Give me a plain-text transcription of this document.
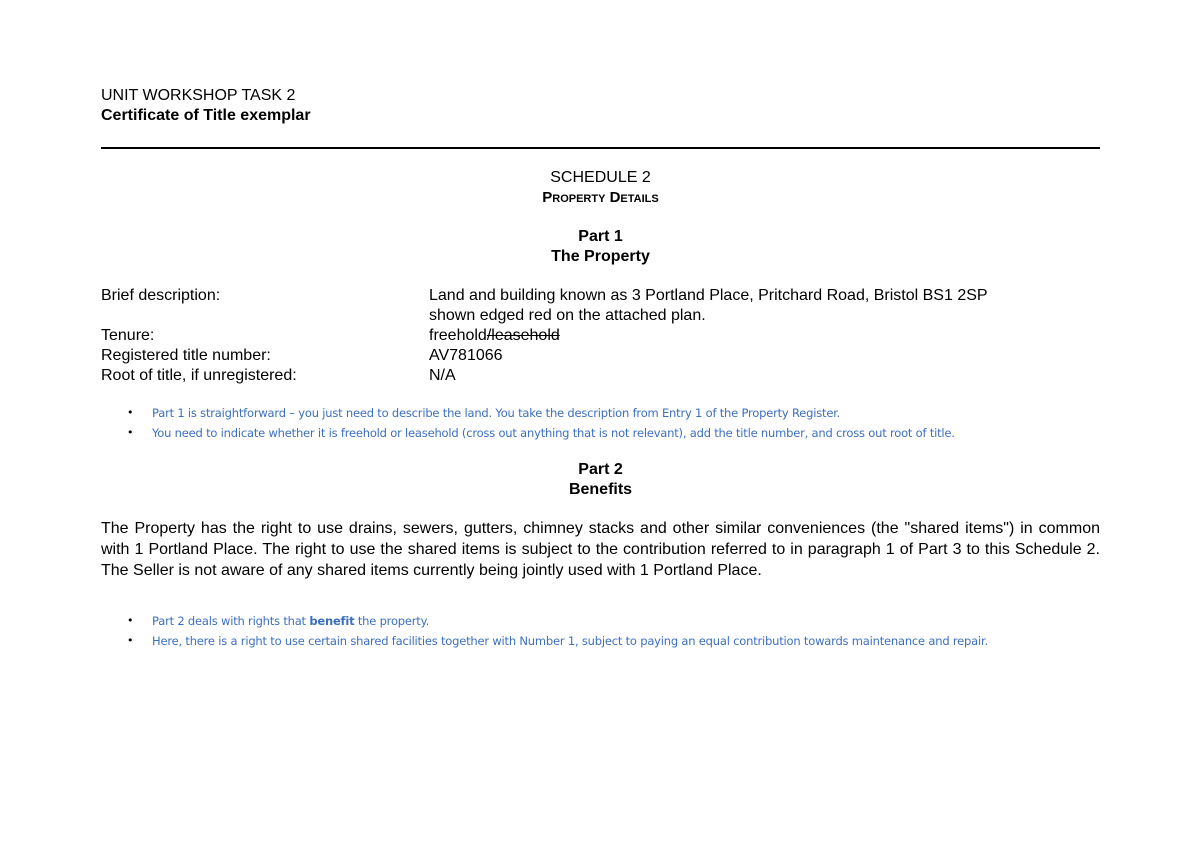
UNIT WORKSHOP TASK 2
Certificate of Title exemplar
SCHEDULE 2
Property Details
Part 1
The Property
Brief description:	Land and building known as 3 Portland Place, Pritchard Road, Bristol BS1 2SP
shown edged red on the attached plan.
Tenure:	freehold/leasehold
Registered title number:	AV781066
Root of title, if unregistered:	N/A
• Part 1 is straightforward – you just need to describe the land. You take the description from Entry 1 of the Property Register.
• You need to indicate whether it is freehold or leasehold (cross out anything that is not relevant), add the title number, and cross out root of title.
Part 2
Benefits
The Property has the right to use drains, sewers, gutters, chimney stacks and other similar conveniences (the "shared items") in common with 1 Portland Place. The right to use the shared items is subject to the contribution referred to in paragraph 1 of Part 3 to this Schedule 2. The Seller is not aware of any shared items currently being jointly used with 1 Portland Place.
• Part 2 deals with rights that benefit the property.
• Here, there is a right to use certain shared facilities together with Number 1, subject to paying an equal contribution towards maintenance and repair.
